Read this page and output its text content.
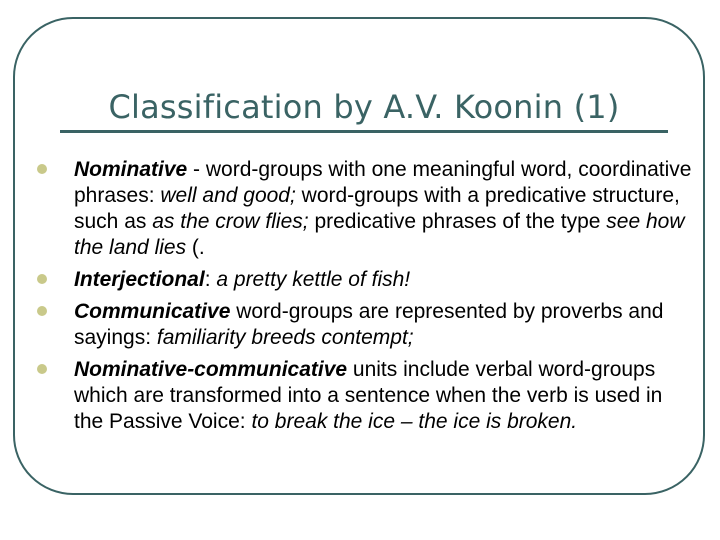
Classification by A.V. Koonin (1)
Nominative - word-groups with one meaningful word, coordinative phrases: well and good; word-groups with a predicative structure, such as as the crow flies; predicative phrases of the type see how the land lies (.
Interjectional: a pretty kettle of fish!
Communicative word-groups are represented by proverbs and sayings: familiarity breeds contempt;
Nominative-communicative units include verbal word-groups which are transformed into a sentence when the verb is used in the Passive Voice: to break the ice – the ice is broken.
